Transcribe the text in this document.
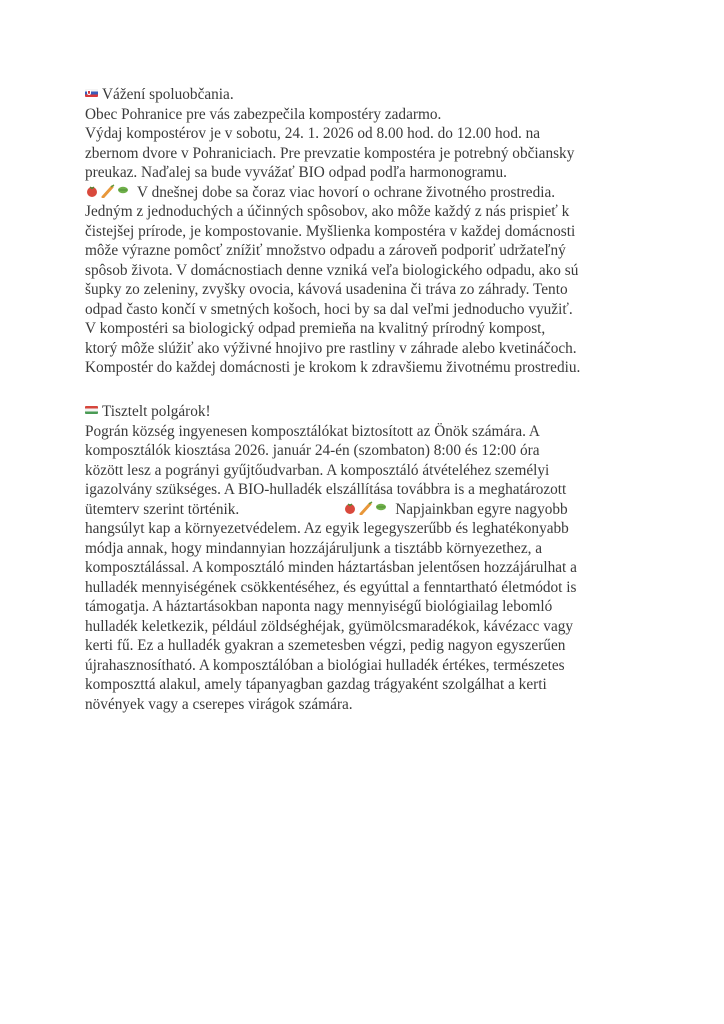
Vážení spoluobčania.
Obec Pohranice pre vás zabezpečila kompostéry zadarmo.
Výdaj kompostérov je v sobotu, 24. 1. 2026 od 8.00 hod. do 12.00 hod. na
zbernom dvore v Pohraniciach. Pre prevzatie kompostéra je potrebný občiansky
preukaz. Naďalej sa bude vyvážať BIO odpad podľa harmonogramu.
V dnešnej dobe sa čoraz viac hovorí o ochrane životného prostredia.
Jedným z jednoduchých a účinných spôsobov, ako môže každý z nás prispieť k
čistejšej prírode, je kompostovanie. Myšlienka kompostéra v každej domácnosti
môže výrazne pomôcť znížiť množstvo odpadu a zároveň podporiť udržateľný
spôsob života. V domácnostiach denne vzniká veľa biologického odpadu, ako sú
šupky zo zeleniny, zvyšky ovocia, kávová usadenina či tráva zo záhrady. Tento
odpad často končí v smetných košoch, hoci by sa dal veľmi jednoducho využiť.
V kompostéri sa biologický odpad premieňa na kvalitný prírodný kompost,
ktorý môže slúžiť ako výživné hnojivo pre rastliny v záhrade alebo kvetináčoch.
Kompostér do každej domácnosti je krokom k zdravšiemu životnému prostrediu.
Tisztelt polgárok!
Pográn község ingyenesen komposztálókat biztosított az Önök számára. A
komposztálók kiosztása 2026. január 24-én (szombaton) 8:00 és 12:00 óra
között lesz a pogrányi gyűjtőudvarban. A komposztáló átvételéhez személyi
igazolvány szükséges. A BIO-hulladék elszállítása továbbra is a meghatározott
ütemterv szerint történik.	Napjainkban egyre nagyobb
hangsúlyt kap a környezetvédelem. Az egyik legegyszerűbb és leghatékonyabb
módja annak, hogy mindannyian hozzájáruljunk a tisztább környezethez, a
komposztálással. A komposztáló minden háztartásban jelentősen hozzájárulhat a
hulladék mennyiségének csökkentéséhez, és egyúttal a fenntartható életmódot is
támogatja. A háztartásokban naponta nagy mennyiségű biológiailag lebomló
hulladék keletkezik, például zöldséghéjak, gyümölcsmaradékok, kávézacc vagy
kerti fű. Ez a hulladék gyakran a szemetesben végzi, pedig nagyon egyszerűen
újrahasznosítható. A komposztálóban a biológiai hulladék értékes, természetes
komposzttá alakul, amely tápanyagban gazdag trágyaként szolgálhat a kerti
növények vagy a cserepes virágok számára.
